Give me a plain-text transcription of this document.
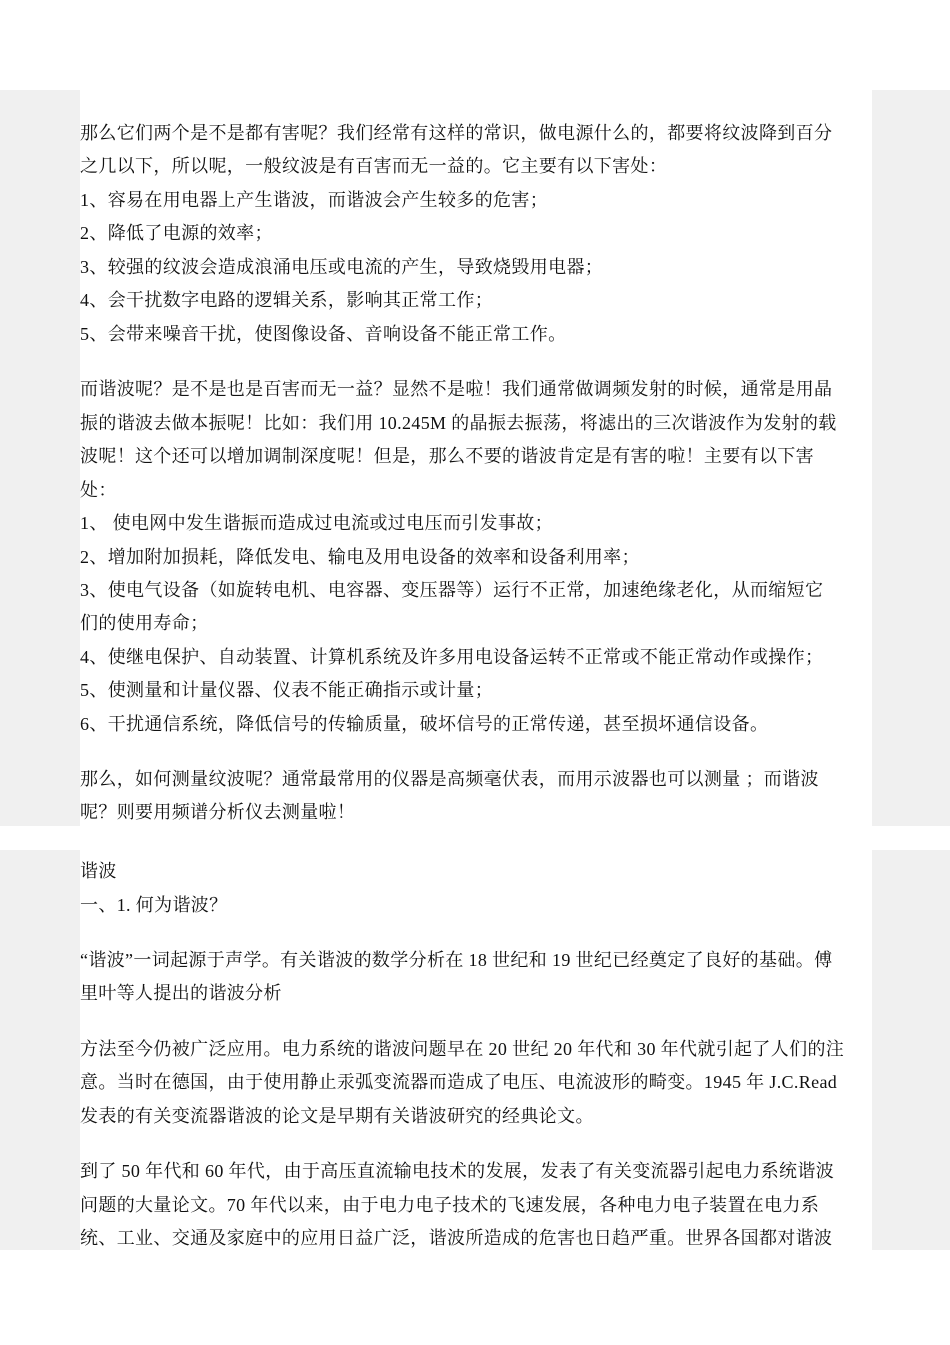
那么它们两个是不是都有害呢？我们经常有这样的常识，做电源什么的，都要将纹波降到百分
之几以下，所以呢，一般纹波是有百害而无一益的。它主要有以下害处：
1、容易在用电器上产生谐波，而谐波会产生较多的危害；
2、降低了电源的效率；
3、较强的纹波会造成浪涌电压或电流的产生，导致烧毁用电器；
4、会干扰数字电路的逻辑关系，影响其正常工作；
5、会带来噪音干扰，使图像设备、音响设备不能正常工作。
而谐波呢？是不是也是百害而无一益？显然不是啦！我们通常做调频发射的时候，通常是用晶
振的谐波去做本振呢！比如：我们用 10.245M 的晶振去振荡，将滤出的三次谐波作为发射的载
波呢！这个还可以增加调制深度呢！但是，那么不要的谐波肯定是有害的啦！主要有以下害
处：
1、 使电网中发生谐振而造成过电流或过电压而引发事故；
2、增加附加损耗，降低发电、输电及用电设备的效率和设备利用率；
3、使电气设备（如旋转电机、电容器、变压器等）运行不正常，加速绝缘老化，从而缩短它
们的使用寿命；
4、使继电保护、自动装置、计算机系统及许多用电设备运转不正常或不能正常动作或操作；
5、使测量和计量仪器、仪表不能正确指示或计量；
6、干扰通信系统，降低信号的传输质量，破坏信号的正常传递，甚至损坏通信设备。
那么，如何测量纹波呢？通常最常用的仪器是高频毫伏表，而用示波器也可以测量 ；而谐波
呢？则要用频谱分析仪去测量啦！
谐波
一、1. 何为谐波？
“谐波”一词起源于声学。有关谐波的数学分析在 18 世纪和 19 世纪已经奠定了良好的基础。傅
里叶等人提出的谐波分析
方法至今仍被广泛应用。电力系统的谐波问题早在 20 世纪 20 年代和 30 年代就引起了人们的注
意。当时在德国，由于使用静止汞弧变流器而造成了电压、电流波形的畸变。1945 年 J.C.Read
发表的有关变流器谐波的论文是早期有关谐波研究的经典论文。
到了 50 年代和 60 年代，由于高压直流输电技术的发展，发表了有关变流器引起电力系统谐波
问题的大量论文。70 年代以来，由于电力电子技术的飞速发展，各种电力电子装置在电力系
统、工业、交通及家庭中的应用日益广泛，谐波所造成的危害也日趋严重。世界各国都对谐波
